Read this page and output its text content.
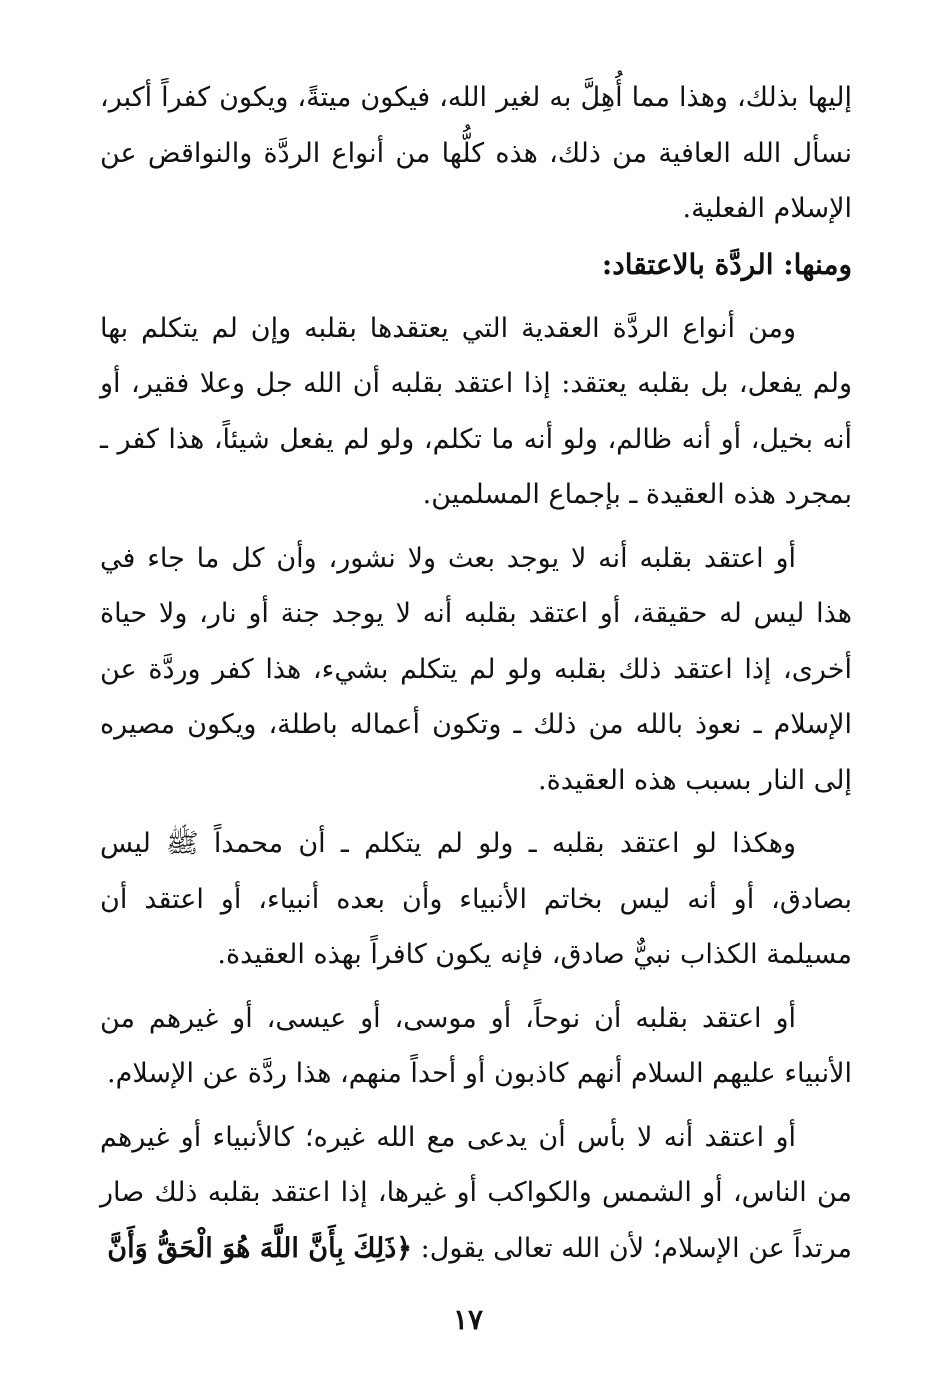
إليها بذلك، وهذا مما أُهِلَّ به لغير الله، فيكون ميتةً، ويكون كفراً أكبر، نسأل الله العافية من ذلك، هذه كلُّها من أنواع الردَّة والنواقض عن الإسلام الفعلية.

ومنها: الردَّة بالاعتقاد:

ومن أنواع الردَّة العقدية التي يعتقدها بقلبه وإن لم يتكلم بها ولم يفعل، بل بقلبه يعتقد: إذا اعتقد بقلبه أن الله جل وعلا فقير، أو أنه بخيل، أو أنه ظالم، ولو أنه ما تكلم، ولو لم يفعل شيئاً، هذا كفر ـ بمجرد هذه العقيدة ـ بإجماع المسلمين.

أو اعتقد بقلبه أنه لا يوجد بعث ولا نشور، وأن كل ما جاء في هذا ليس له حقيقة، أو اعتقد بقلبه أنه لا يوجد جنة أو نار، ولا حياة أخرى، إذا اعتقد ذلك بقلبه ولو لم يتكلم بشيء، هذا كفر وردَّة عن الإسلام ـ نعوذ بالله من ذلك ـ وتكون أعماله باطلة، ويكون مصيره إلى النار بسبب هذه العقيدة.

وهكذا لو اعتقد بقلبه ـ ولو لم يتكلم ـ أن محمداً ﷺ ليس بصادق، أو أنه ليس بخاتم الأنبياء وأن بعده أنبياء، أو اعتقد أن مسيلمة الكذاب نبيٌّ صادق، فإنه يكون كافراً بهذه العقيدة.

أو اعتقد بقلبه أن نوحاً، أو موسى، أو عيسى، أو غيرهم من الأنبياء عليهم السلام أنهم كاذبون أو أحداً منهم، هذا ردَّة عن الإسلام.

أو اعتقد أنه لا بأس أن يدعى مع الله غيره؛ كالأنبياء أو غيرهم من الناس، أو الشمس والكواكب أو غيرها، إذا اعتقد بقلبه ذلك صار مرتداً عن الإسلام؛ لأن الله تعالى يقول: ﴿ذَلِكَ بِأَنَّ اللَّهَ هُوَ الْحَقُّ وَأَنَّ

١٧
